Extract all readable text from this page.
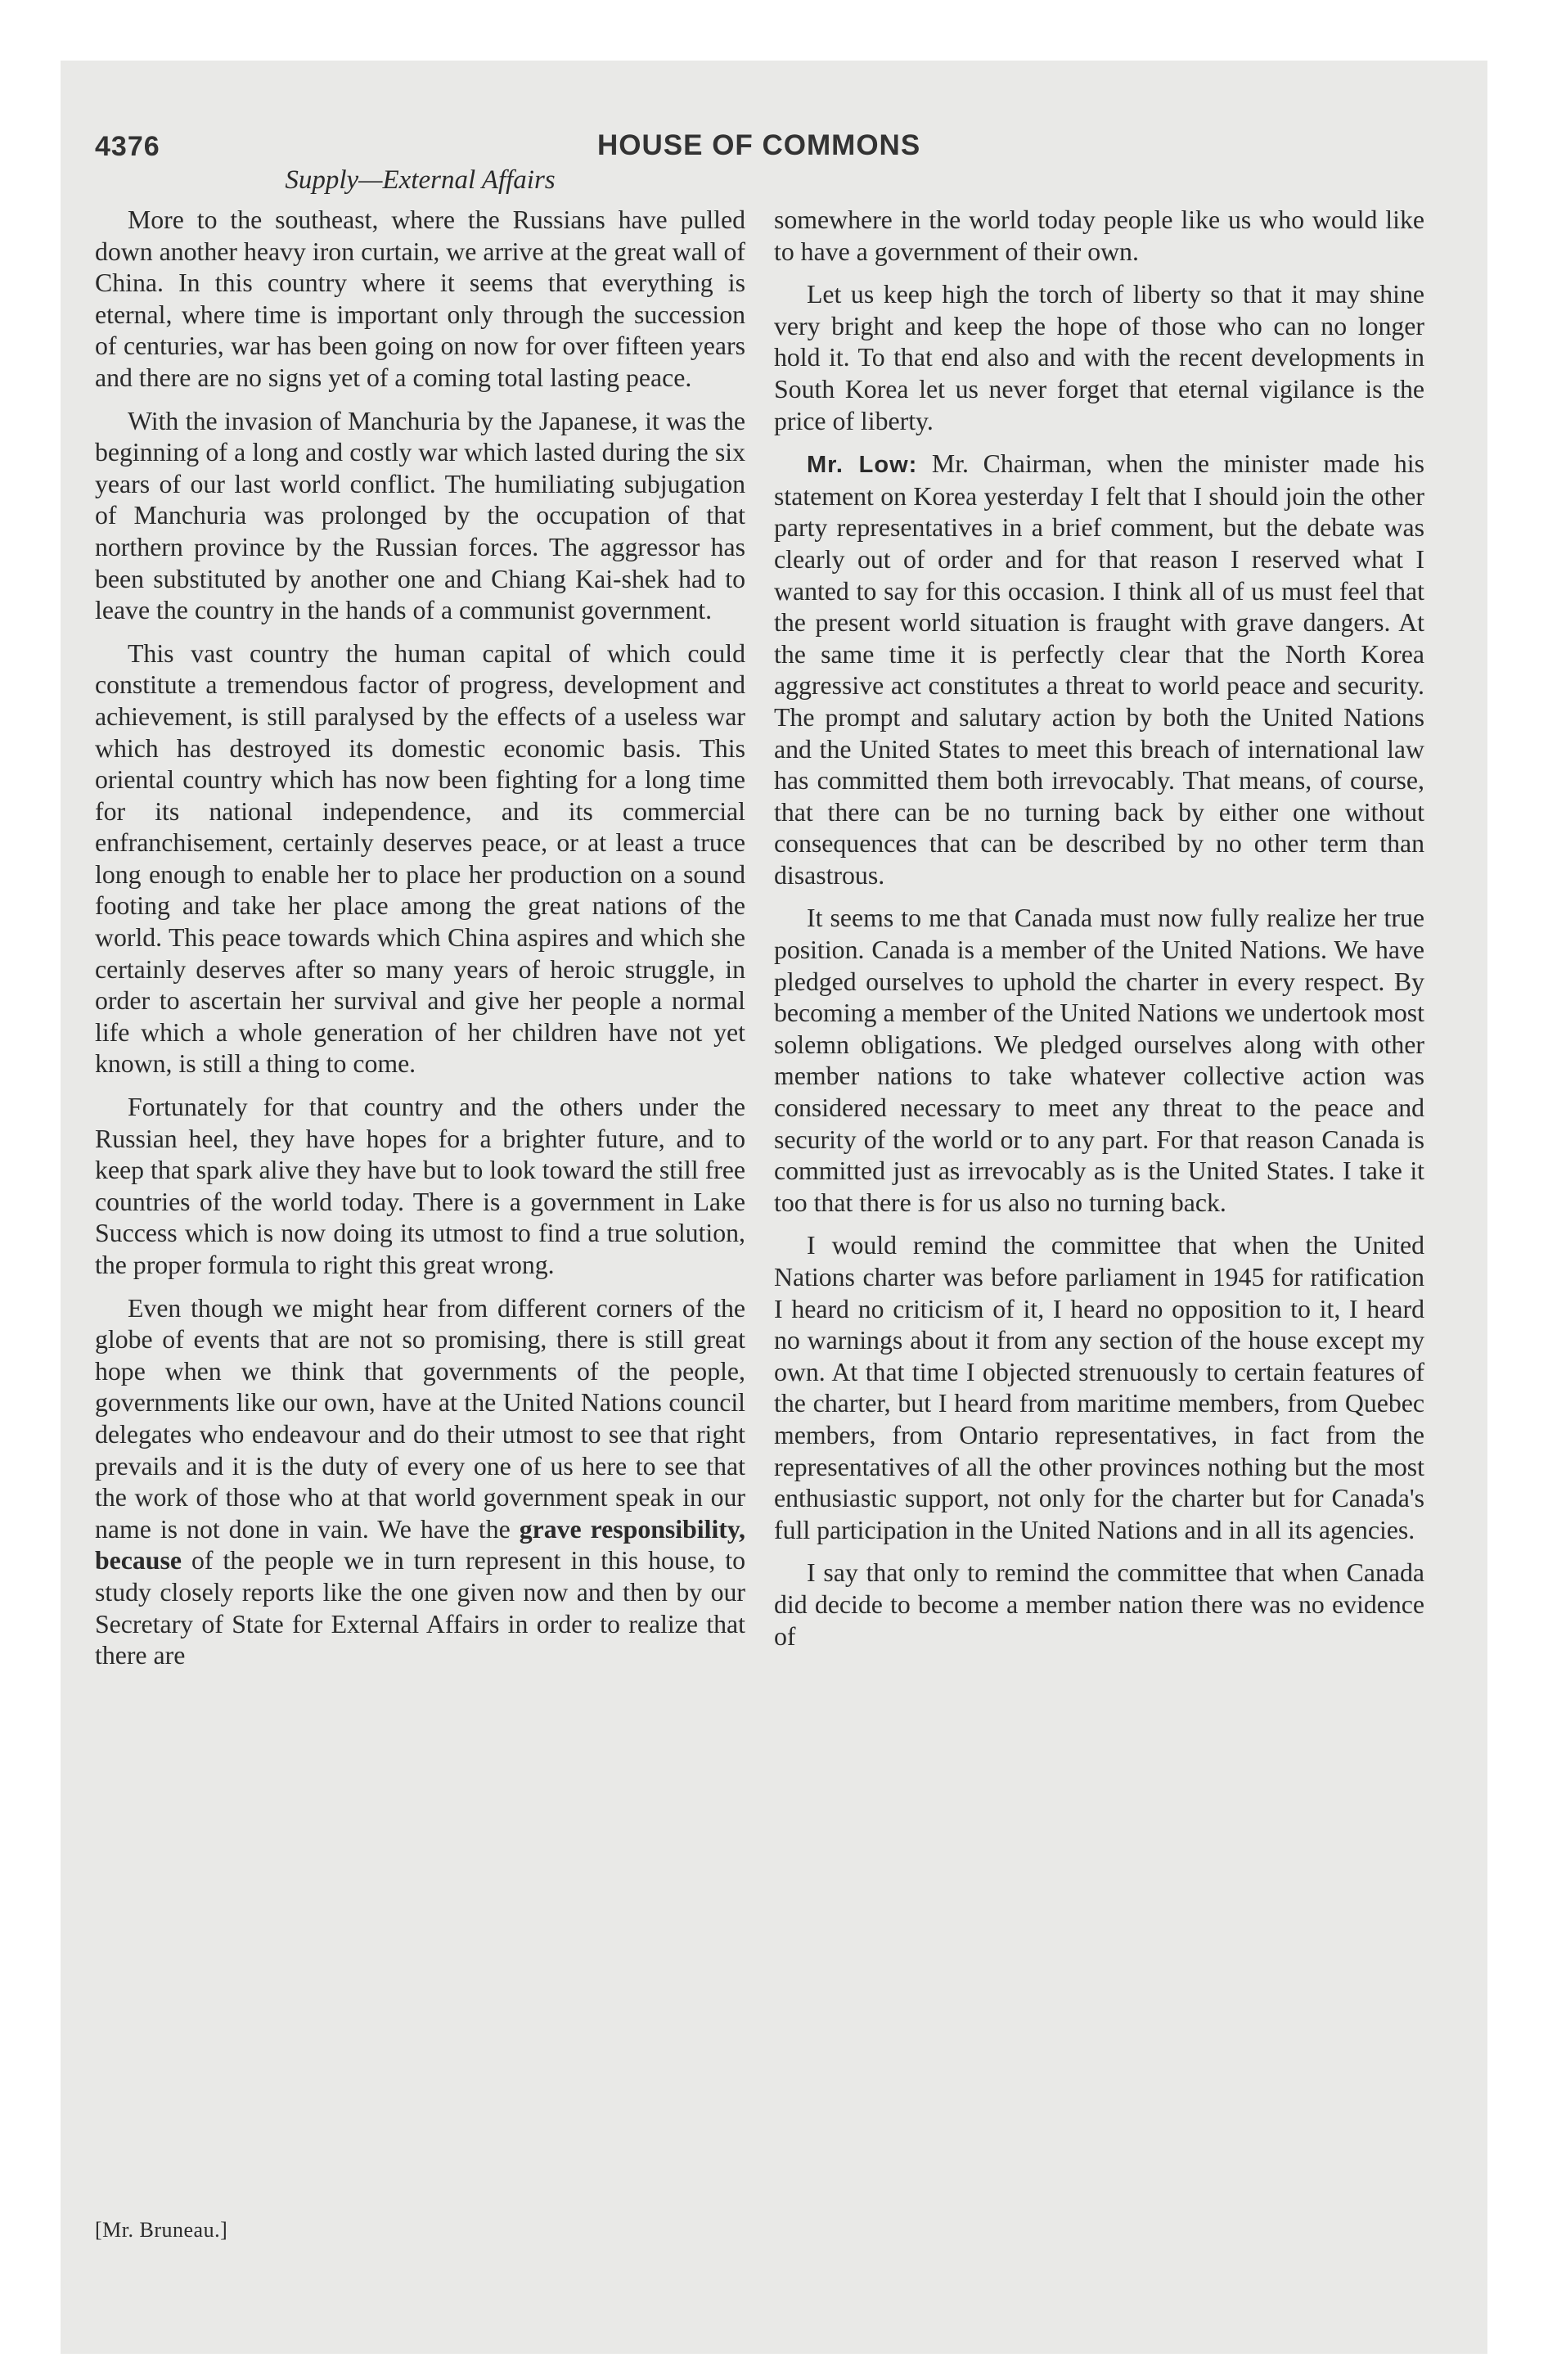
4376	HOUSE OF COMMONS
Supply—External Affairs

More to the southeast, where the Russians have pulled down another heavy iron curtain, we arrive at the great wall of China. In this country where it seems that everything is eternal, where time is important only through the succession of centuries, war has been going on now for over fifteen years and there are no signs yet of a coming total lasting peace.

With the invasion of Manchuria by the Japanese, it was the beginning of a long and costly war which lasted during the six years of our last world conflict. The humiliating subjugation of Manchuria was prolonged by the occupation of that northern province by the Russian forces. The aggressor has been substituted by another one and Chiang Kai-shek had to leave the country in the hands of a communist government.

This vast country the human capital of which could constitute a tremendous factor of progress, development and achievement, is still paralysed by the effects of a useless war which has destroyed its domestic economic basis. This oriental country which has now been fighting for a long time for its national independence, and its commercial enfranchisement, certainly deserves peace, or at least a truce long enough to enable her to place her production on a sound footing and take her place among the great nations of the world. This peace towards which China aspires and which she certainly deserves after so many years of heroic struggle, in order to ascertain her survival and give her people a normal life which a whole generation of her children have not yet known, is still a thing to come.

Fortunately for that country and the others under the Russian heel, they have hopes for a brighter future, and to keep that spark alive they have but to look toward the still free countries of the world today. There is a government in Lake Success which is now doing its utmost to find a true solution, the proper formula to right this great wrong.

Even though we might hear from different corners of the globe of events that are not so promising, there is still great hope when we think that governments of the people, governments like our own, have at the United Nations council delegates who endeavour and do their utmost to see that right prevails and it is the duty of every one of us here to see that the work of those who at that world government speak in our name is not done in vain. We have the grave responsibility, because of the people we in turn represent in this house, to study closely reports like the one given now and then by our Secretary of State for External Affairs in order to realize that there are

[Mr. Bruneau.]

somewhere in the world today people like us who would like to have a government of their own.

Let us keep high the torch of liberty so that it may shine very bright and keep the hope of those who can no longer hold it. To that end also and with the recent developments in South Korea let us never forget that eternal vigilance is the price of liberty.

Mr. Low: Mr. Chairman, when the minister made his statement on Korea yesterday I felt that I should join the other party representatives in a brief comment, but the debate was clearly out of order and for that reason I reserved what I wanted to say for this occasion. I think all of us must feel that the present world situation is fraught with grave dangers. At the same time it is perfectly clear that the North Korea aggressive act constitutes a threat to world peace and security. The prompt and salutary action by both the United Nations and the United States to meet this breach of international law has committed them both irrevocably. That means, of course, that there can be no turning back by either one without consequences that can be described by no other term than disastrous.

It seems to me that Canada must now fully realize her true position. Canada is a member of the United Nations. We have pledged ourselves to uphold the charter in every respect. By becoming a member of the United Nations we undertook most solemn obligations. We pledged ourselves along with other member nations to take whatever collective action was considered necessary to meet any threat to the peace and security of the world or to any part. For that reason Canada is committed just as irrevocably as is the United States. I take it too that there is for us also no turning back.

I would remind the committee that when the United Nations charter was before parliament in 1945 for ratification I heard no criticism of it, I heard no opposition to it, I heard no warnings about it from any section of the house except my own. At that time I objected strenuously to certain features of the charter, but I heard from maritime members, from Quebec members, from Ontario representatives, in fact from the representatives of all the other provinces nothing but the most enthusiastic support, not only for the charter but for Canada's full participation in the United Nations and in all its agencies.

I say that only to remind the committee that when Canada did decide to become a member nation there was no evidence of
